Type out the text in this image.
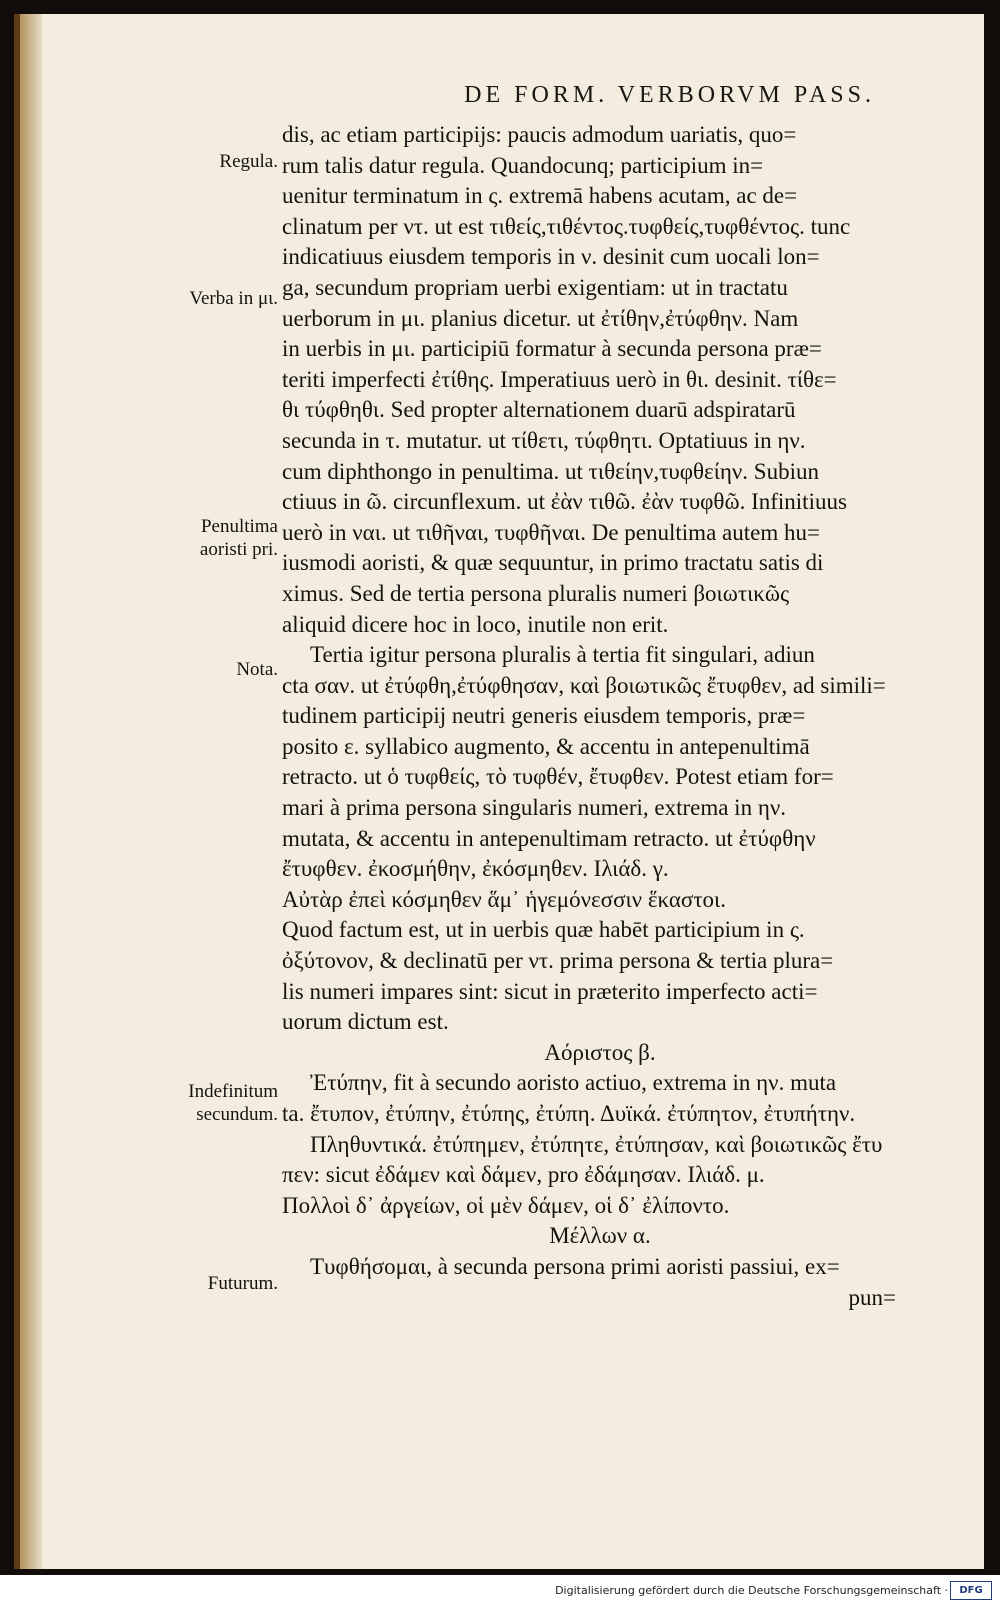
DE FORM. VERBORVM PASS.
Regula.
Verba in μι.
Penultima aoristi pri.
Nota.
Indefinitum secundum.
Futurum.
dis, ac etiam participijs: paucis admodum uariatis, quo=
rum talis datur regula. Quandocunq; participium in=
uenitur terminatum in ς. extremā habens acutam, ac de=
clinatum per ντ. ut est τιθείς,τιθέντος.τυφθείς,τυφθέντος. tunc
indicatiuus eiusdem temporis in ν. desinit cum uocali lon=
ga, secundum propriam uerbi exigentiam: ut in tractatu
uerborum in μι. planius dicetur. ut ἐτίθην,ἐτύφθην. Nam
in uerbis in μι. participiū formatur à secunda persona præ=
teriti imperfecti ἐτίθης. Imperatiuus uerò in θι. desinit. τίθε=
θι τύφθηθι. Sed propter alternationem duarū adspiratarū
secunda in τ. mutatur. ut τίθετι, τύφθητι. Optatiuus in ην.
cum diphthongo in penultima. ut τιθείην,τυφθείην. Subiun
ctiuus in ῶ. circunflexum. ut ἐὰν τιθῶ. ἐὰν τυφθῶ. Infinitiuus
uerò in ναι. ut τιθῆναι, τυφθῆναι. De penultima autem hu=
iusmodi aoristi, & quæ sequuntur, in primo tractatu satis di
ximus. Sed de tertia persona pluralis numeri βοιωτικῶς
aliquid dicere hoc in loco, inutile non erit.
Tertia igitur persona pluralis à tertia fit singulari, adiun
cta σαν. ut ἐτύφθη,ἐτύφθησαν, καὶ βοιωτικῶς ἔτυφθεν, ad simili=
tudinem participij neutri generis eiusdem temporis, præ=
posito ε. syllabico augmento, & accentu in antepenultimā
retracto. ut ὁ τυφθείς, τὸ τυφθέν, ἔτυφθεν. Potest etiam for=
mari à prima persona singularis numeri, extrema in ην.
mutata, & accentu in antepenultimam retracto. ut ἐτύφθην
ἔτυφθεν. ἐκοσμήθην, ἐκόσμηθεν. Ιλιάδ. γ.
Αὐτὰρ ἐπεὶ κόσμηθεν ἅμ᾽ ἡγεμόνεσσιν ἕκαστοι.
Quod factum est, ut in uerbis quæ habēt participium in ς.
ὀξύτονον, & declinatū per ντ. prima persona & tertia plura=
lis numeri impares sint: sicut in præterito imperfecto acti=
uorum dictum est.
Αόριστος β.
Ἐτύπην, fit à secundo aoristo actiuo, extrema in ην. muta
ta. ἔτυπον, ἐτύπην, ἐτύπης, ἐτύπη. Δυϊκά. ἐτύπητον, ἐτυπήτην.
Πληθυντικά. ἐτύπημεν, ἐτύπητε, ἐτύπησαν, καὶ βοιωτικῶς ἔτυ
πεν: sicut ἐδάμεν καὶ δάμεν, pro ἐδάμησαν. Ιλιάδ. μ.
Πολλοὶ δ᾽ ἀργείων, οἱ μὲν δάμεν, οἱ δ᾽ ἐλίποντο.
Μέλλων α.
Τυφθήσομαι, à secunda persona primi aoristi passiui, ex=
pun=
Digitalisierung gefördert durch die Deutsche Forschungsgemeinschaft ·	DFG
